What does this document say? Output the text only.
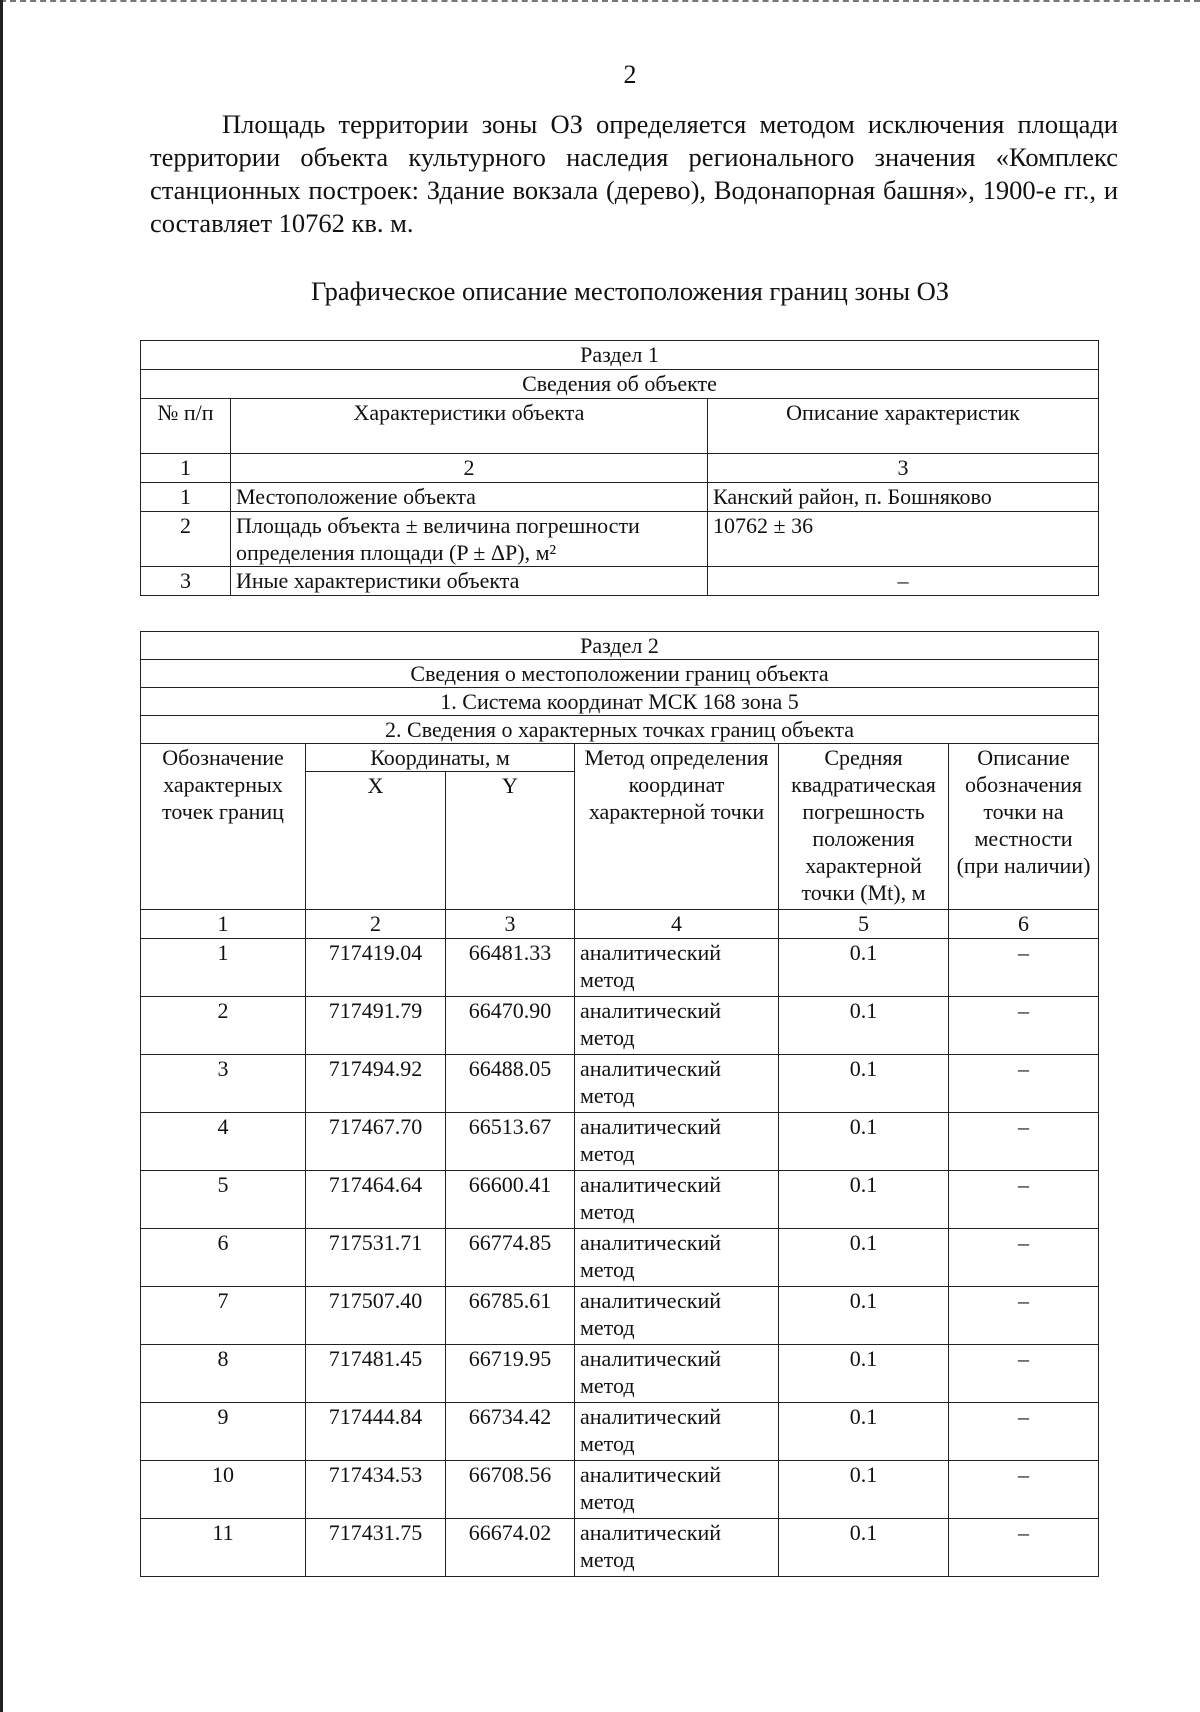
2

Площадь территории зоны ОЗ определяется методом исключения площади территории объекта культурного наследия регионального значения «Комплекс станционных построек: Здание вокзала (дерево), Водонапорная башня», 1900-е гг., и составляет 10762 кв. м.

Графическое описание местоположения границ зоны ОЗ
Раздел 1		
Сведения об объекте		
№ п/п	Характеристики объекта	Описание характеристик
1	2	3
1	Местоположение объекта	Канский район, п. Бошняково
2	Площадь объекта ± величина погрешности определения площади (P ± ΔP), м²	10762 ± 36
3	Иные характеристики объекта	–
Раздел 2					
Сведения о местоположении границ объекта					
1. Система координат МСК 168 зона 5					
2. Сведения о характерных точках границ объекта					
Обозначение характерных точек границ	Координаты, м		Метод определения координат характерной точки	Средняя квадратическая погрешность положения характерной точки (Mt), м	Описание обозначения точки на местности (при наличии)
	X	Y			
1	2	3	4	5	6
1	717419.04	66481.33	аналитический метод	0.1	–
2	717491.79	66470.90	аналитический метод	0.1	–
3	717494.92	66488.05	аналитический метод	0.1	–
4	717467.70	66513.67	аналитический метод	0.1	–
5	717464.64	66600.41	аналитический метод	0.1	–
6	717531.71	66774.85	аналитический метод	0.1	–
7	717507.40	66785.61	аналитический метод	0.1	–
8	717481.45	66719.95	аналитический метод	0.1	–
9	717444.84	66734.42	аналитический метод	0.1	–
10	717434.53	66708.56	аналитический метод	0.1	–
11	717431.75	66674.02	аналитический метод	0.1	–
